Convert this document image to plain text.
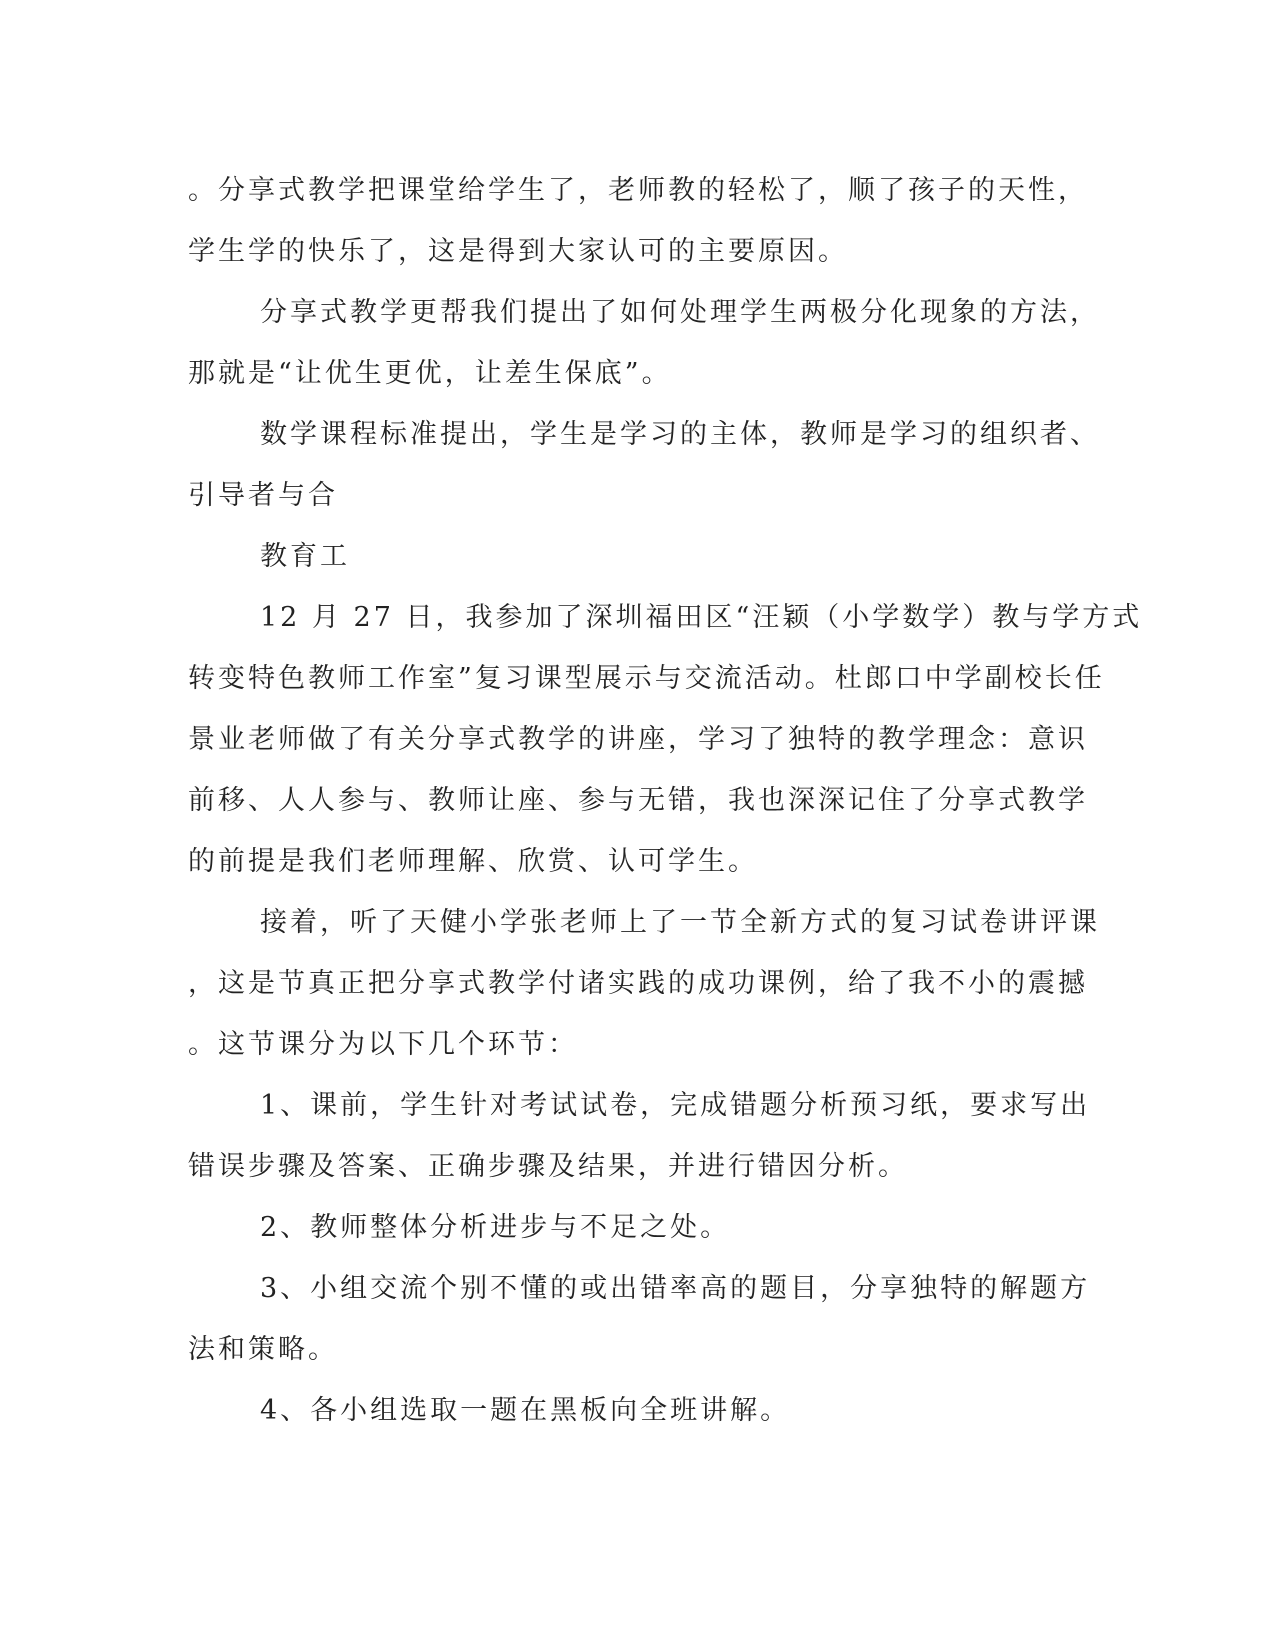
。分享式教学把课堂给学生了，老师教的轻松了，顺了孩子的天性，
学生学的快乐了，这是得到大家认可的主要原因。
分享式教学更帮我们提出了如何处理学生两极分化现象的方法，
那就是“让优生更优，让差生保底”。
数学课程标准提出，学生是学习的主体，教师是学习的组织者、
引导者与合
教育工
12 月 27 日，我参加了深圳福田区“汪颖（小学数学）教与学方式
转变特色教师工作室”复习课型展示与交流活动。杜郎口中学副校长任
景业老师做了有关分享式教学的讲座，学习了独特的教学理念：意识
前移、人人参与、教师让座、参与无错，我也深深记住了分享式教学
的前提是我们老师理解、欣赏、认可学生。
接着，听了天健小学张老师上了一节全新方式的复习试卷讲评课
，这是节真正把分享式教学付诸实践的成功课例，给了我不小的震撼
。这节课分为以下几个环节：
1、课前，学生针对考试试卷，完成错题分析预习纸，要求写出
错误步骤及答案、正确步骤及结果，并进行错因分析。
2、教师整体分析进步与不足之处。
3、小组交流个别不懂的或出错率高的题目，分享独特的解题方
法和策略。
4、各小组选取一题在黑板向全班讲解。
